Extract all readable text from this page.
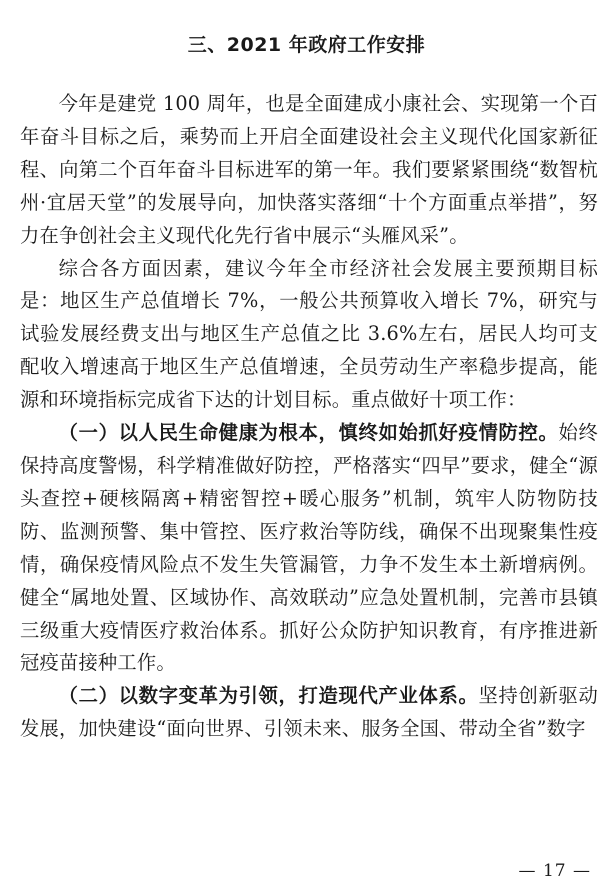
三、2021 年政府工作安排

今年是建党 100 周年，也是全面建成小康社会、实现第一个百年奋斗目标之后，乘势而上开启全面建设社会主义现代化国家新征程、向第二个百年奋斗目标进军的第一年。我们要紧紧围绕“数智杭州·宜居天堂”的发展导向，加快落实落细“十个方面重点举措”，努力在争创社会主义现代化先行省中展示“头雁风采”。

综合各方面因素，建议今年全市经济社会发展主要预期目标是：地区生产总值增长 7%，一般公共预算收入增长 7%，研究与试验发展经费支出与地区生产总值之比 3.6%左右，居民人均可支配收入增速高于地区生产总值增速，全员劳动生产率稳步提高，能源和环境指标完成省下达的计划目标。重点做好十项工作：

（一）以人民生命健康为根本，慎终如始抓好疫情防控。始终保持高度警惕，科学精准做好防控，严格落实“四早”要求，健全“源头查控+硬核隔离+精密智控+暖心服务”机制，筑牢人防物防技防、监测预警、集中管控、医疗救治等防线，确保不出现聚集性疫情，确保疫情风险点不发生失管漏管，力争不发生本土新增病例。健全“属地处置、区域协作、高效联动”应急处置机制，完善市县镇三级重大疫情医疗救治体系。抓好公众防护知识教育，有序推进新冠疫苗接种工作。

（二）以数字变革为引领，打造现代产业体系。坚持创新驱动发展，加快建设“面向世界、引领未来、服务全国、带动全省”数字

— 17 —
